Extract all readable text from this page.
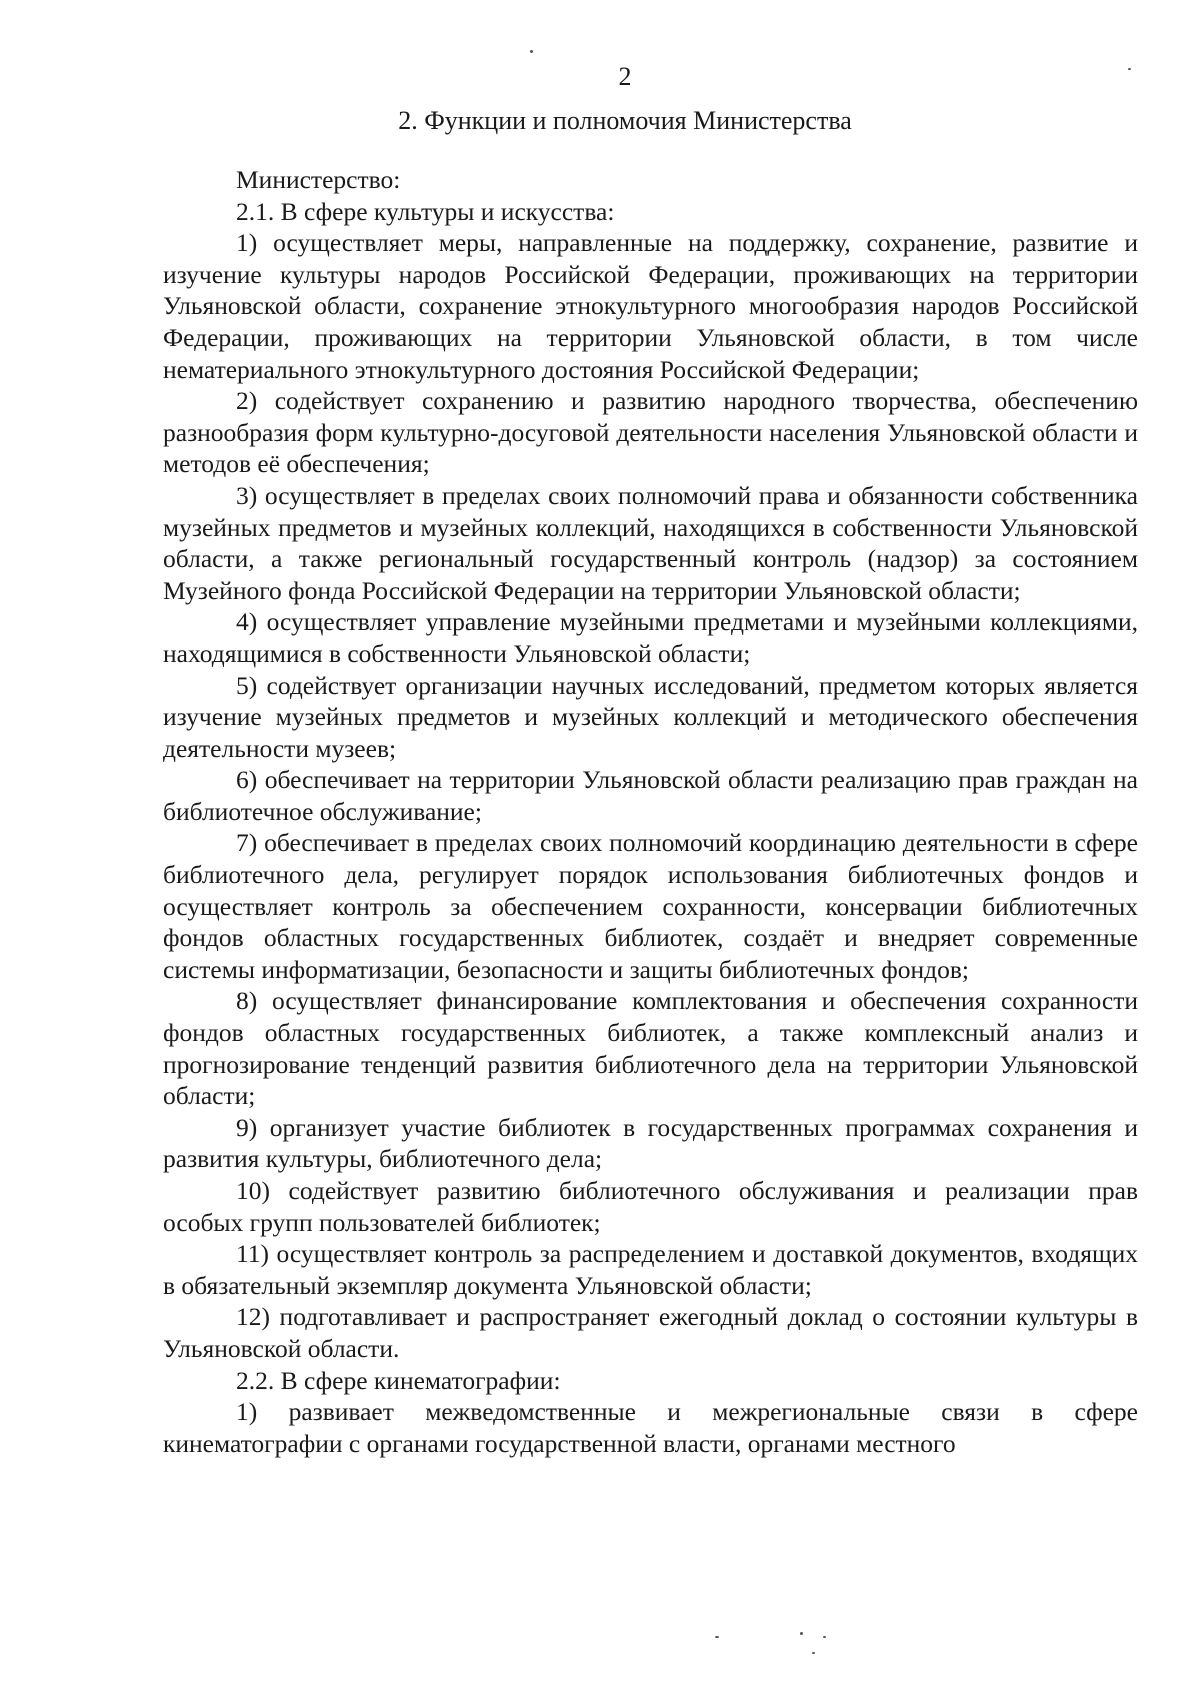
2
2. Функции и полномочия Министерства

Министерство:

2.1. В сфере культуры и искусства:

1) осуществляет меры, направленные на поддержку, сохранение, развитие и изучение культуры народов Российской Федерации, проживающих на территории Ульяновской области, сохранение этнокультурного многообразия народов Российской Федерации, проживающих на территории Ульяновской области, в том числе нематериального этнокультурного достояния Российской Федерации;

2) содействует сохранению и развитию народного творчества, обеспечению разнообразия форм культурно-досуговой деятельности населения Ульяновской области и методов её обеспечения;

3) осуществляет в пределах своих полномочий права и обязанности собственника музейных предметов и музейных коллекций, находящихся в собственности Ульяновской области, а также региональный государственный контроль (надзор) за состоянием Музейного фонда Российской Федерации на территории Ульяновской области;

4) осуществляет управление музейными предметами и музейными коллекциями, находящимися в собственности Ульяновской области;

5) содействует организации научных исследований, предметом которых является изучение музейных предметов и музейных коллекций и методического обеспечения деятельности музеев;

6) обеспечивает на территории Ульяновской области реализацию прав граждан на библиотечное обслуживание;

7) обеспечивает в пределах своих полномочий координацию деятельности в сфере библиотечного дела, регулирует порядок использования библиотечных фондов и осуществляет контроль за обеспечением сохранности, консервации библиотечных фондов областных государственных библиотек, создаёт и внедряет современные системы информатизации, безопасности и защиты библиотечных фондов;

8) осуществляет финансирование комплектования и обеспечения сохранности фондов областных государственных библиотек, а также комплексный анализ и прогнозирование тенденций развития библиотечного дела на территории Ульяновской области;

9) организует участие библиотек в государственных программах сохранения и развития культуры, библиотечного дела;

10) содействует развитию библиотечного обслуживания и реализации прав особых групп пользователей библиотек;

11) осуществляет контроль за распределением и доставкой документов, входящих в обязательный экземпляр документа Ульяновской области;

12) подготавливает и распространяет ежегодный доклад о состоянии культуры в Ульяновской области.

2.2. В сфере кинематографии:

1) развивает межведомственные и межрегиональные связи в сфере кинематографии с органами государственной власти, органами местного
